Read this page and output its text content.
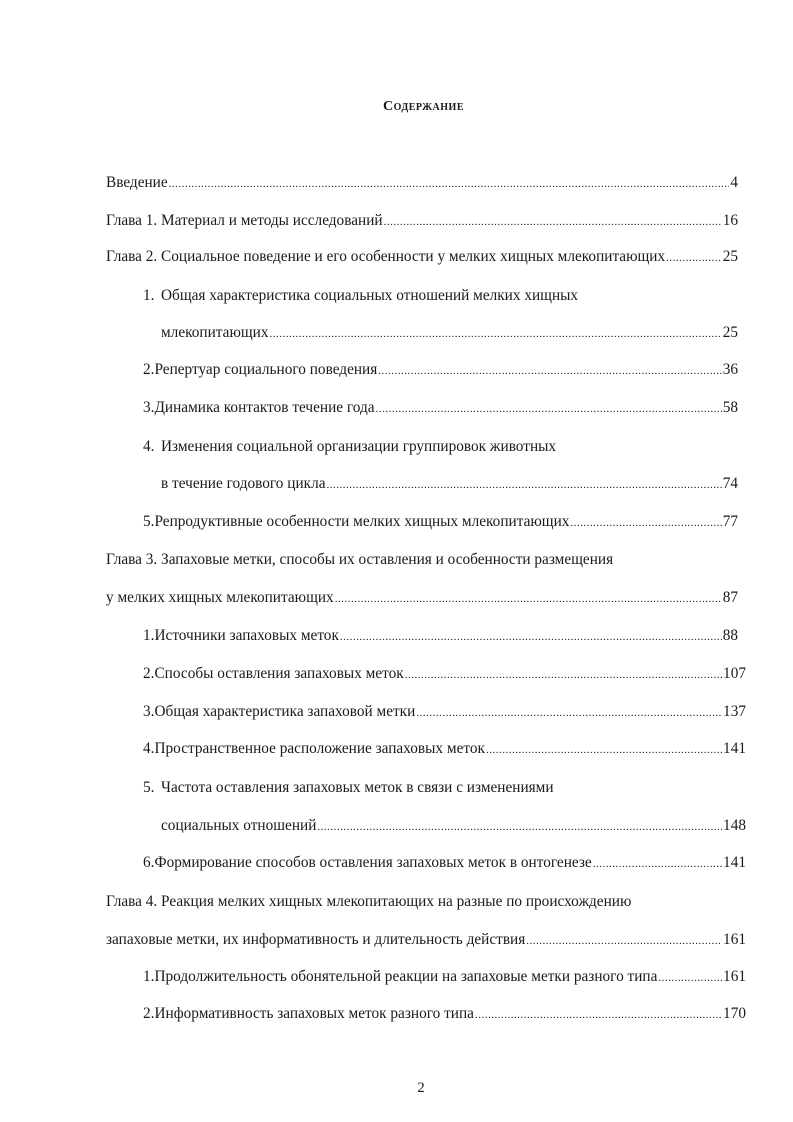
Содержание
Введение .....	4
Глава 1. Материал и методы исследований .....	16
Глава 2. Социальное поведение и его особенности у мелких хищных млекопитающих .....	25
1. Общая характеристика социальных отношений мелких хищных
млекопитающих .....	25
2. Репертуар социального поведения .....	36
3. Динамика контактов течение года .....	58
4. Изменения социальной организации группировок животных
в течение годового цикла .....	74
5. Репродуктивные особенности мелких хищных млекопитающих .....	77
Глава 3. Запаховые метки, способы их оставления и особенности размещения
у мелких хищных млекопитающих .....	87
1. Источники запаховых меток .....	88
2. Способы оставления запаховых меток .....	107
3. Общая характеристика запаховой метки .....	137
4. Пространственное расположение запаховых меток .....	141
5. Частота оставления запаховых меток в связи с изменениями
социальных отношений .....	148
6. Формирование способов оставления запаховых меток в онтогенезе .....	141
Глава 4. Реакция мелких хищных млекопитающих на разные по происхождению
запаховые метки, их информативность и длительность действия .....	161
1. Продолжительность обонятельной реакции на запаховые метки разного типа .....	161
2. Информативность запаховых меток разного типа .....	170
2
